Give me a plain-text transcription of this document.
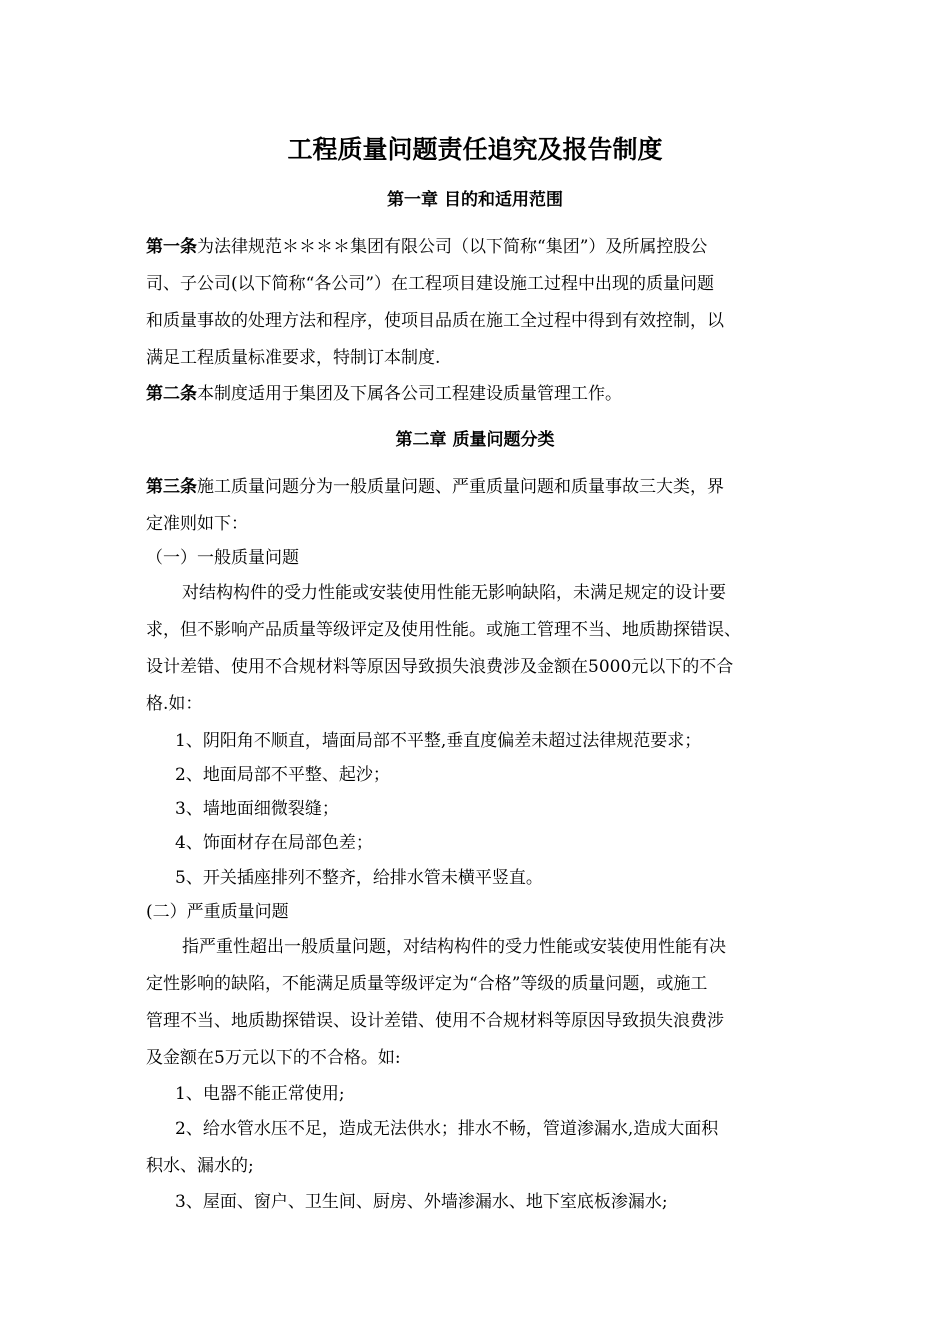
工程质量问题责任追究及报告制度
第一章 目的和适用范围
第一条为法律规范＊＊＊＊集团有限公司（以下简称“集团”）及所属控股公
司、子公司(以下简称“各公司”）在工程项目建设施工过程中出现的质量问题
和质量事故的处理方法和程序，使项目品质在施工全过程中得到有效控制，以
满足工程质量标准要求，特制订本制度.
第二条本制度适用于集团及下属各公司工程建设质量管理工作。
第二章 质量问题分类
第三条施工质量问题分为一般质量问题、严重质量问题和质量事故三大类，界
定准则如下：
（一）一般质量问题
对结构构件的受力性能或安装使用性能无影响缺陷，未满足规定的设计要
求，但不影响产品质量等级评定及使用性能。或施工管理不当、地质勘探错误、
设计差错、使用不合规材料等原因导致损失浪费涉及金额在5000元以下的不合
格.如：
1、阴阳角不顺直，墙面局部不平整,垂直度偏差未超过法律规范要求；
2、地面局部不平整、起沙；
3、墙地面细微裂缝；
4、饰面材存在局部色差；
5、开关插座排列不整齐，给排水管未横平竖直。
(二）严重质量问题
指严重性超出一般质量问题，对结构构件的受力性能或安装使用性能有决
定性影响的缺陷，不能满足质量等级评定为“合格”等级的质量问题，或施工
管理不当、地质勘探错误、设计差错、使用不合规材料等原因导致损失浪费涉
及金额在5万元以下的不合格。如:
1、电器不能正常使用;
2、给水管水压不足，造成无法供水；排水不畅，管道渗漏水,造成大面积
积水、漏水的;
3、屋面、窗户、卫生间、厨房、外墙渗漏水、地下室底板渗漏水;
